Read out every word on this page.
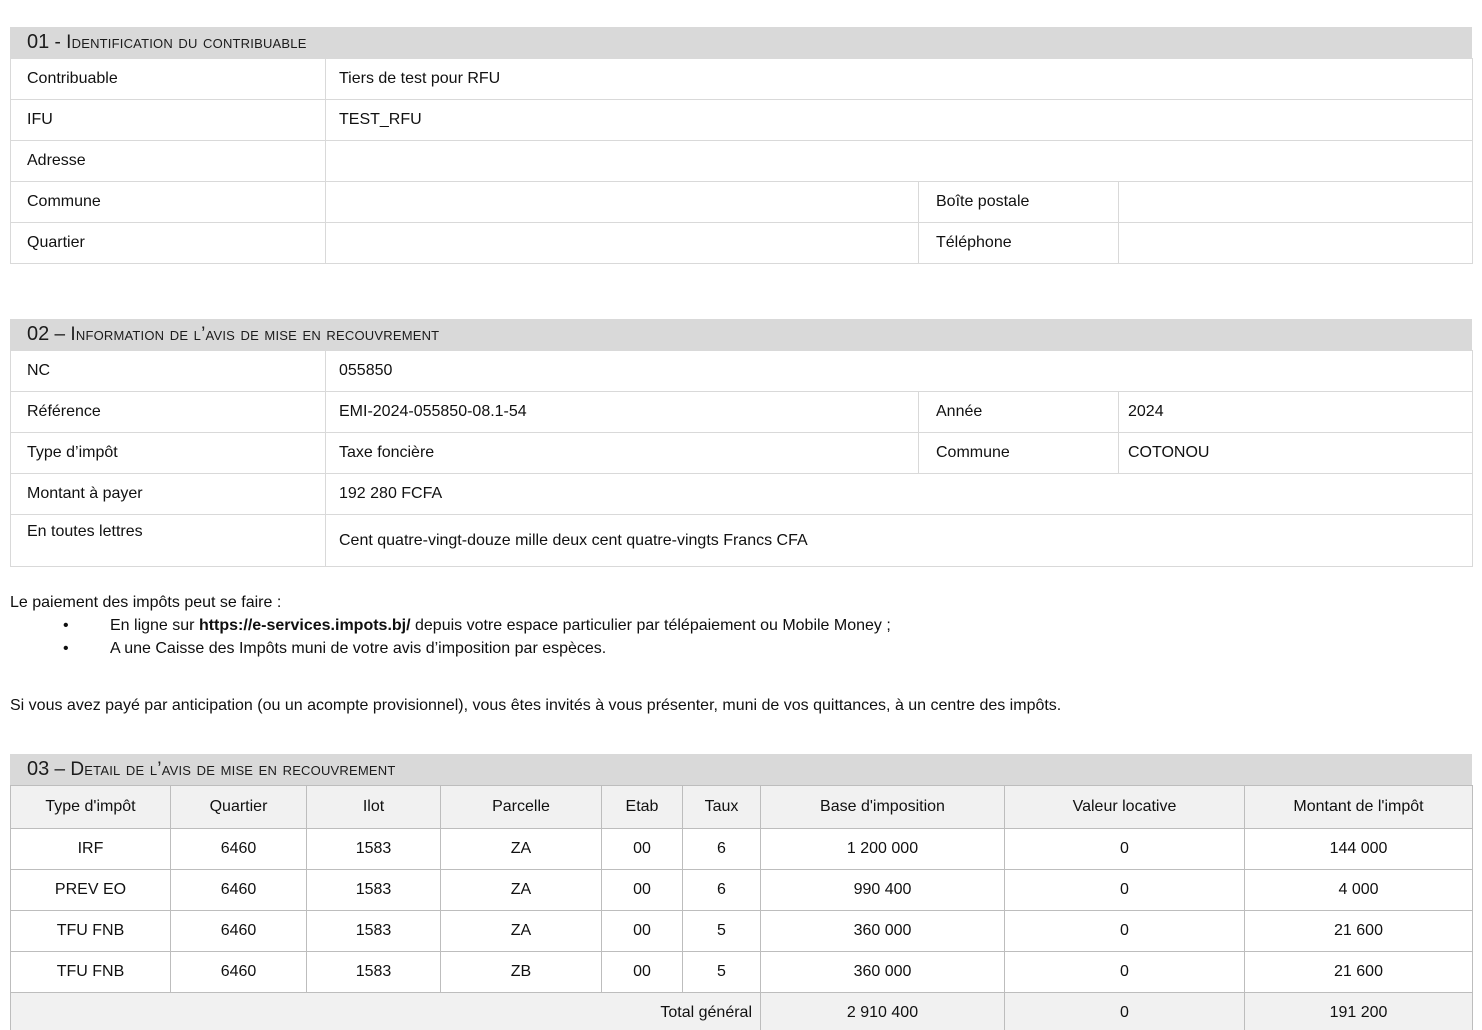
01 - Identification du contribuable
Contribuable	Tiers de test pour RFU		
IFU	TEST_RFU		
Adresse			
Commune		Boîte postale	
Quartier		Téléphone	
02 – Information de l’avis de mise en recouvrement
NC	055850		
Référence	EMI-2024-055850-08.1-54	Année	2024
Type d’impôt	Taxe foncière	Commune	COTONOU
Montant à payer	192 280 FCFA		
En toutes lettres	Cent quatre-vingt-douze mille deux cent quatre-vingts Francs CFA		
Le paiement des impôts peut se faire :
•	En ligne sur https://e-services.impots.bj/ depuis votre espace particulier par télépaiement ou Mobile Money ;
•	A une Caisse des Impôts muni de votre avis d’imposition par espèces.
Si vous avez payé par anticipation (ou un acompte provisionnel), vous êtes invités à vous présenter, muni de vos quittances, à un centre des impôts.
03 – Detail de l’avis de mise en recouvrement
Type d'impôt	Quartier	Ilot	Parcelle	Etab	Taux	Base d'imposition	Valeur locative	Montant de l'impôt
IRF	6460	1583	ZA	00	6	1 200 000	0	144 000
PREV EO	6460	1583	ZA	00	6	990 400	0	4 000
TFU FNB	6460	1583	ZA	00	5	360 000	0	21 600
TFU FNB	6460	1583	ZB	00	5	360 000	0	21 600
Total général						2 910 400	0	191 200
